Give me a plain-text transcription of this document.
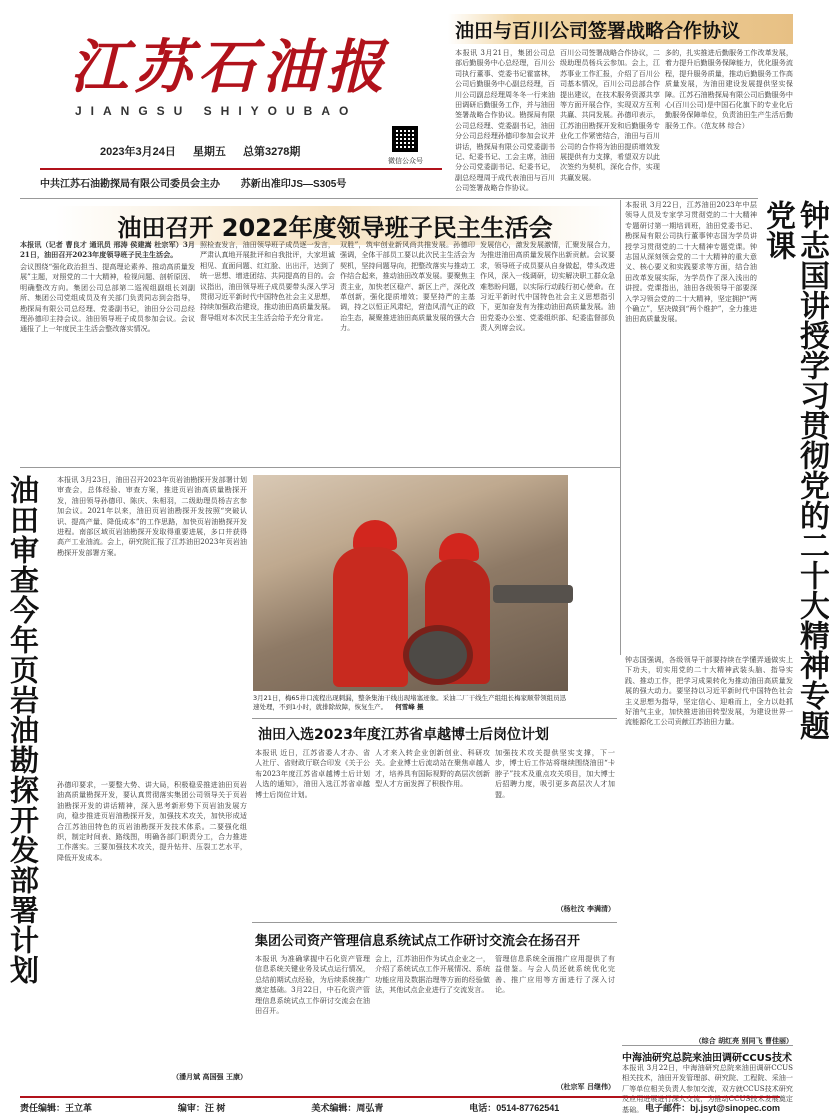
江苏石油报
JIANGSU SHIYOUBAO
2023年3月24日 星期五 总第3278期
微信公众号
中共江苏石油勘探局有限公司委员会主办 苏新出准印JS—S305号
油田与百川公司签署战略合作协议
本报讯 3月21日，集团公司总部后勤服务中心总经理，百川公司执行董事、党委书记霍富林，公司后勤服务中心副总经理，百川公司副总经理周冬冬一行来油田调研后勤服务工作，并与油田签署战略合作协议。勘探局有限公司总经理、党委副书记，油田分公司总经理孙德印参加会议并讲话，勘探局有限公司党委副书记、纪委书记、工会主席，油田分公司党委副书记、纪委书记，副总经理周于成代表油田与百川公司签署战略合作协议。
百川公司签署战略合作协议，二级助理员杨兵云参加。会上，江苏事业工作汇报，介绍了百川公司基本情况，百川公司总部合作提出建议，在技术服务资源共享等方面开展合作，实现双方互利共赢、共同发展。孙德印表示，江苏油田勘探开发和后勤服务专业化工作紧密结合，油田与百川公司的合作将为油田提质增效发展提供有力支撑，希望双方以此次签约为契机，深化合作，实现共赢发展。
多的，扎实推进后勤服务工作改革发展，着力提升后勤服务保障能力，优化服务流程，提升服务质量，推动后勤服务工作高质量发展，为油田建设发展提供坚实保障。江苏石油勘探局有限公司后勤服务中心(百川公司)是中国石化旗下的专业化后勤服务保障单位，负责油田生产生活后勤服务工作。（范友林 综合）
油田召开 2022年度领导班子民主生活会
本报讯（记者 曹良才 通讯员 邢涛 侯建嵩 杜宗军）3月21日，油田召开2023年度领导班子民主生活会。
会议围绕“强化政治担当、提高理论素养、推动高质量发展”主题，对照党的二十大精神，检视问题、剖析原因、明确整改方向。集团公司总部第二巡视组副组长刘副所、集团公司党组成员及有关部门负责同志到会指导，勘探局有限公司总经理、党委副书记，油田分公司总经理孙德印主持会议。油田领导班子成员参加会议。会议通报了上一年度民主生活会整改落实情况。
照检查发言，油田领导班子成员逐一发言，严肃认真地开展批评和自我批评，大家坦诚相见、直面问题、红红脸、出出汗，达到了统一思想、增进团结、共同提高的目的。会议指出，油田领导班子成员要带头深入学习贯彻习近平新时代中国特色社会主义思想，持续加强政治建设，推动油田高质量发展。督导组对本次民主生活会给予充分肯定。
双胜”，筑牢创业新风尚共推发展。孙德印强调，全体干部员工要以此次民主生活会为契机，坚持问题导向，把整改落实与推动工作结合起来，推动油田改革发展。要聚焦主责主业，加快老区稳产、新区上产，深化改革创新，强化提质增效；要坚持严的主基调，持之以恒正风肃纪，营造风清气正的政治生态，凝聚推进油田高质量发展的强大合力。
发展信心，激发发展激情，汇聚发展合力，为推进油田高质量发展作出新贡献。会议要求，领导班子成员要从自身做起，带头改进作风，深入一线调研，切实解决职工群众急难愁盼问题，以实际行动践行初心使命。在习近平新时代中国特色社会主义思想指引下，更加奋发有为推动油田高质量发展。油田党委办公室、党委组织部、纪委监督部负责人列席会议。	钟志国讲授学习贯彻党的二十大精神专题党课
本报讯 3月22日，江苏油田2023年中层领导人员及专家学习贯彻党的二十大精神专题研讨第一期培训班，油田党委书记、勘探局有限公司执行董事钟志国为学员讲授学习贯彻党的二十大精神专题党课。钟志国从深刻领会党的二十大精神的重大意义、核心要义和实践要求等方面，结合油田改革发展实际，为学员作了深入浅出的讲授。党课指出，油田各级领导干部要深入学习领会党的二十大精神，坚定拥护“两个确立”，坚决做到“两个维护”，全力推进油田高质量发展。
钟志国强调，各级领导干部要持续在学懂弄通做实上下功夫，切实用党的二十大精神武装头脑、指导实践、推动工作，把学习成果转化为推动油田高质量发展的强大动力。要坚持以习近平新时代中国特色社会主义思想为指导，坚定信心、迎难而上，全力以赴抓好油气主业，加快推进油田转型发展，为建设世界一流能源化工公司贡献江苏油田力量。
（综合 胡红亮 别同飞 曹佳丽）
油田审查今年页岩油勘探开发部署计划 本报讯 3月23日，油田召开2023年页岩油勘探开发部署计划审查会，总体经验、审查方案，推进页岩油高质量勘探开发，油田领导孙德印、陈庆、朱相羽，二级助理员杨吉玄参加会议。2021年以来，油田页岩油勘探开发按照“突破认识、提高产量、降低成本”的工作思路，加快页岩油勘探开发进程。南部区域页岩油勘探开发取得重要进展，多口井获得高产工业油流。会上，研究院汇报了江苏油田2023年页岩油勘探开发部署方案。
孙德印要求，一要整大势、讲大局，积极稳妥推进油田页岩油高质量勘探开发，要认真贯彻落实集团公司领导关于页岩油勘探开发的讲话精神，深入思考新形势下页岩油发展方向，稳步推进页岩油勘探开发，加强技术攻关，加快形成适合江苏油田特色的页岩油勘探开发技术体系。二要强化组织，制定时间表、路线图，明确各部门职责分工，合力推进工作落实。三要加强技术攻关，提升钻井、压裂工艺水平，降低开发成本。
（潘月斌 高国强 王康）
3月21日，梅65井口流程出现刺漏，整条集油干线出现堵塞迹象。采油二厂干线生产组组长梅家顺带领组员迅速处理，不到1小时，就排除故障，恢复生产。 何雪峰 摄
油田入选2023年度江苏省卓越博士后岗位计划
本报讯 近日，江苏省委人才办、省人社厅、省财政厅联合印发《关于公布2023年度江苏省卓越博士后计划人选的通知》，油田入选江苏省卓越博士后岗位计划。
人才来入转企业创新创业、科研攻关。企业博士后流动站在聚焦卓越人才，培养具有国际视野的高层次创新型人才方面发挥了积极作用。
加强技术攻关提供坚实支撑，下一步，博士后工作站将继续围绕油田“卡脖子”技术及重点攻关项目，加大博士后招聘力度，吸引更多高层次人才加盟。
（杨杜汶 李满清）
集团公司资产管理信息系统试点工作研讨交流会在扬召开
本报讯 为准确掌握中石化资产管理信息系统关键业务及试点运行情况，总结前期试点经验，为后续系统推广奠定基础。3月22日，中石化资产管理信息系统试点工作研讨交流会在油田召开。
会上，江苏油田作为试点企业之一，介绍了系统试点工作开展情况、系统功能应用及数据治理等方面的经验做法，其他试点企业进行了交流发言。
管理信息系统全面推广应用提供了有益借鉴。与会人员还就系统优化完善、推广应用等方面进行了深入讨论。
（杜宗军 吕继伟）
中海油研究总院来油田调研CCUS技术
本报讯 3月22日，中海油研究总院来油田调研CCUS相关技术，油田开发管理部、研究院、工程院、采油一厂等单位相关负责人参加交流，双方就CCUS技术研究及应用进展进行深入交流，为推动CCUS技术发展奠定基础。
责任编辑：王立革	编审：汪 树	美术编辑：周弘青	电话：0514-87762541	电子邮件：bj.jsyt@sinopec.com
